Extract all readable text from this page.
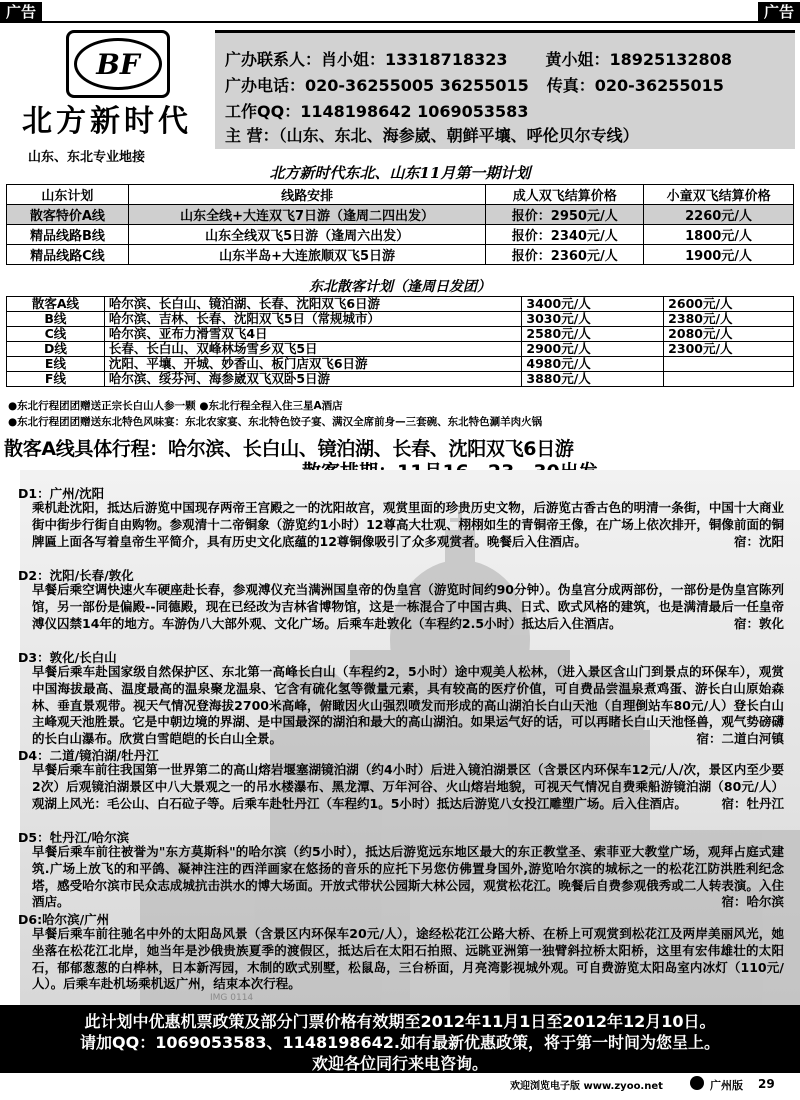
广告	广告
BF
北方新时代
山东、东北专业地接
广办联系人：肖小姐：13318718323 黄小姐：18925132808
广办电话：020-36255005 36255015 传真：020-36255015
工作QQ：1148198642 1069053583
主 营：（山东、东北、海参崴、朝鲜平壤、呼伦贝尔专线）
北方新时代东北、山东11月第一期计划
山东计划	线路安排	成人双飞结算价格	小童双飞结算价格
散客特价A线	山东全线+大连双飞7日游（逢周二四出发）	报价：2950元/人	2260元/人
精品线路B线	山东全线双飞5日游（逢周六出发）	报价：2340元/人	1800元/人
精品线路C线	山东半岛+大连旅顺双飞5日游	报价：2360元/人	1900元/人
东北散客计划（逢周日发团）
散客A线	哈尔滨、长白山、镜泊湖、长春、沈阳双飞6日游	3400元/人	2600元/人
B线	哈尔滨、吉林、长春、沈阳双飞5日（常规城市）	3030元/人	2380元/人
C线	哈尔滨、亚布力滑雪双飞4日	2580元/人	2080元/人
D线	长春、长白山、双峰林场雪乡双飞5日	2900元/人	2300元/人
E线	沈阳、平壤、开城、妙香山、板门店双飞6日游	4980元/人	
F线	哈尔滨、绥芬河、海参崴双飞双卧5日游	3880元/人	
●东北行程团团赠送正宗长白山人参一颗 ●东北行程全程入住三星A酒店
●东北行程团团赠送东北特色风味宴：东北农家宴、东北特色饺子宴、满汉全席前身—三套碗、东北特色涮羊肉火锅
散客A线具体行程：哈尔滨、长白山、镜泊湖、长春、沈阳双飞6日游
IMG 0114
D1：广州/沈阳
乘机赴沈阳，抵达后游览中国现存两帝王宫殿之一的沈阳故宫，观赏里面的珍贵历史文物，后游览古香古色的明清一条街，中国十大商业街中街步行街自由购物。参观清十二帝铜象（游览约1小时）12尊高大壮观、栩栩如生的青铜帝王像，在广场上依次排开，铜像前面的铜牌匾上面各写着皇帝生平简介，具有历史文化底蕴的12尊铜像吸引了众多观赏者。晚餐后入住酒店。	宿：沈阳
D2：沈阳/长春/敦化
早餐后乘空调快速火车硬座赴长春，参观溥仪充当满洲国皇帝的伪皇宫（游览时间约90分钟）。伪皇宫分成两部份，一部份是伪皇宫陈列馆，另一部份是偏殿--同德殿，现在已经改为吉林省博物馆，这是一栋混合了中国古典、日式、欧式风格的建筑，也是满清最后一任皇帝溥仪囚禁14年的地方。车游伪八大部外观、文化广场。后乘车赴敦化（车程约2.5小时）抵达后入住酒店。	宿：敦化
D3：敦化/长白山
早餐后乘车赴国家级自然保护区、东北第一高峰长白山（车程约2，5小时）途中观美人松林，（进入景区含山门到景点的环保车），观赏中国海拔最高、温度最高的温泉聚龙温泉、它含有硫化氢等微量元素，具有较高的医疗价值，可自费品尝温泉煮鸡蛋、游长白山原始森林、垂直景观带。视天气情况登海拔2700米高峰，俯瞰因火山强烈喷发而形成的高山湖泊长白山天池（自理倒站车80元/人）登长白山主峰观天池胜景。它是中朝边境的界湖、是中国最深的湖泊和最大的高山湖泊。如果运气好的话，可以再睹长白山天池怪兽，观气势磅礴的长白山瀑布。欣赏白雪皑皑的长白山全景。	宿：二道白河镇
D4：二道/镜泊湖/牡丹江
早餐后乘车前往我国第一世界第二的高山熔岩堰塞湖镜泊湖（约4小时）后进入镜泊湖景区（含景区内环保车12元/人/次，景区内至少要2次）后观镜泊湖景区中八大景观之一的吊水楼瀑布、黑龙潭、万年河谷、火山熔岩地貌，可视天气情况自费乘船游镜泊湖（80元/人）观湖上风光：毛公山、白石砬子等。后乘车赴牡丹江（车程约1。5小时）抵达后游览八女投江雕塑广场。后入住酒店。	宿：牡丹江
D5：牡丹江/哈尔滨
早餐后乘车前往被誉为"东方莫斯科"的哈尔滨（约5小时），抵达后游览远东地区最大的东正教堂圣、索菲亚大教堂广场，观拜占庭式建筑.广场上放飞的和平鸽、凝神注注的西洋画家在悠扬的音乐的应托下另您仿佛置身国外,游览哈尔滨的城标之一的松花江防洪胜利纪念塔，感受哈尔滨市民众志成城抗击洪水的博大场面。开放式带状公园斯大林公园，观赏松花江。晚餐后自费参观俄秀或二人转表演。入住酒店。	宿：哈尔滨
D6:哈尔滨/广州
早餐后乘车前往驰名中外的太阳岛风景（含景区内环保车20元/人），途经松花江公路大桥、在桥上可观赏到松花江及两岸美丽风光，她坐落在松花江北岸，她当年是沙俄贵族夏季的渡假区，抵达后在太阳石拍照、远眺亚洲第一独臂斜拉桥太阳桥，这里有宏伟雄壮的太阳石，郁郁葱葱的白桦林，日本新泻园，木制的欧式别墅，松鼠岛，三台桥面，月亮湾影视城外观。可自费游览太阳岛室内冰灯（110元/人）。后乘车赴机场乘机返广州，结束本次行程。
此计划中优惠机票政策及部分门票价格有效期至2012年11月1日至2012年12月10日。
请加QQ：1069053583、1148198642.如有最新优惠政策，将于第一时间为您呈上。
欢迎各位同行来电咨询。
欢迎浏览电子版 www.zyoo.net	广州版 29
